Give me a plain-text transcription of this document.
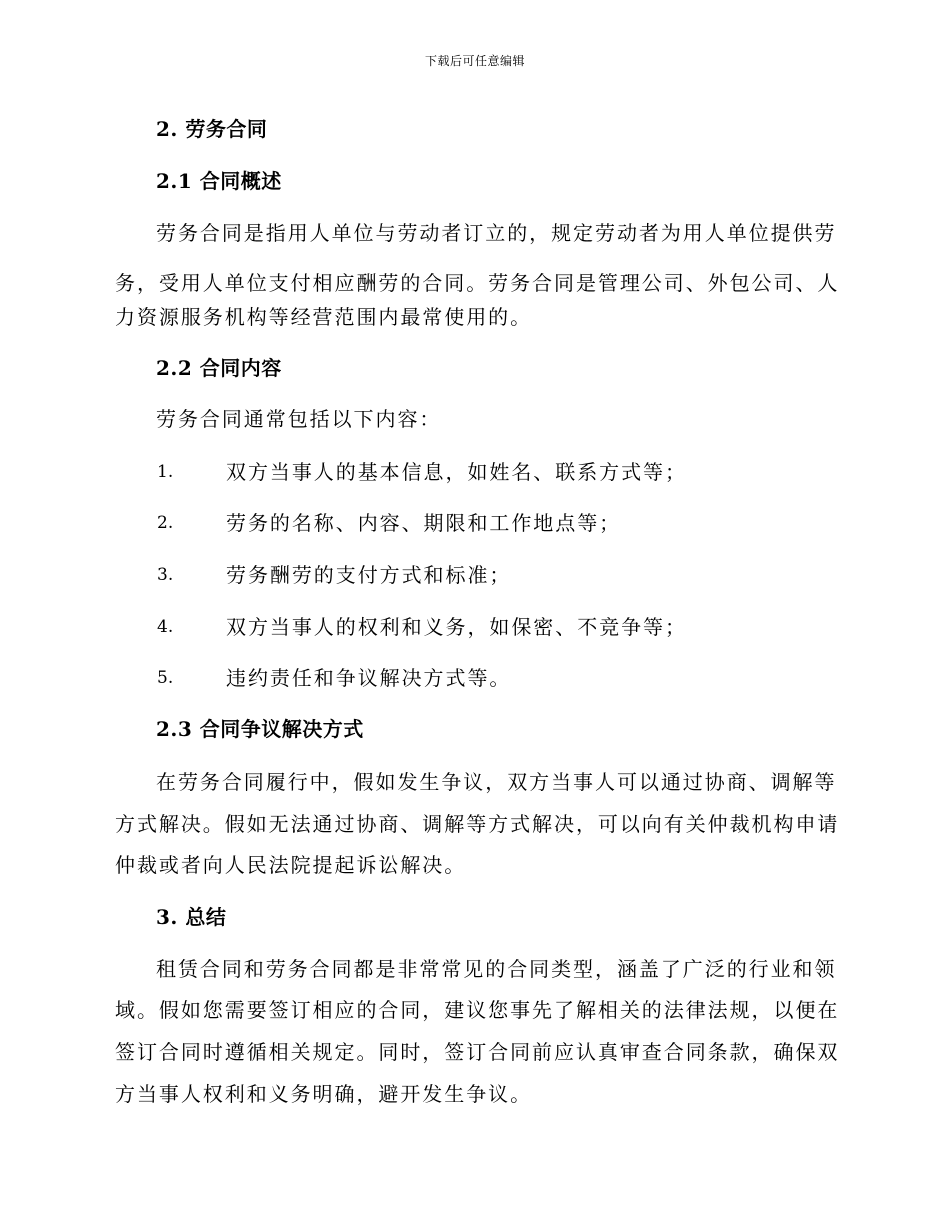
下载后可任意编辑
2. 劳务合同
2.1 合同概述
劳务合同是指用人单位与劳动者订立的，规定劳动者为用人单位提供劳
务，受用人单位支付相应酬劳的合同。劳务合同是管理公司、外包公司、人
力资源服务机构等经营范围内最常使用的。
2.2 合同内容
劳务合同通常包括以下内容：
1.	双方当事人的基本信息，如姓名、联系方式等；
2.	劳务的名称、内容、期限和工作地点等；
3.	劳务酬劳的支付方式和标准；
4.	双方当事人的权利和义务，如保密、不竞争等；
5.	违约责任和争议解决方式等。
2.3 合同争议解决方式
在劳务合同履行中，假如发生争议，双方当事人可以通过协商、调解等
方式解决。假如无法通过协商、调解等方式解决，可以向有关仲裁机构申请
仲裁或者向人民法院提起诉讼解决。
3. 总结
租赁合同和劳务合同都是非常常见的合同类型，涵盖了广泛的行业和领
域。假如您需要签订相应的合同，建议您事先了解相关的法律法规，以便在
签订合同时遵循相关规定。同时，签订合同前应认真审查合同条款，确保双
方当事人权利和义务明确，避开发生争议。
